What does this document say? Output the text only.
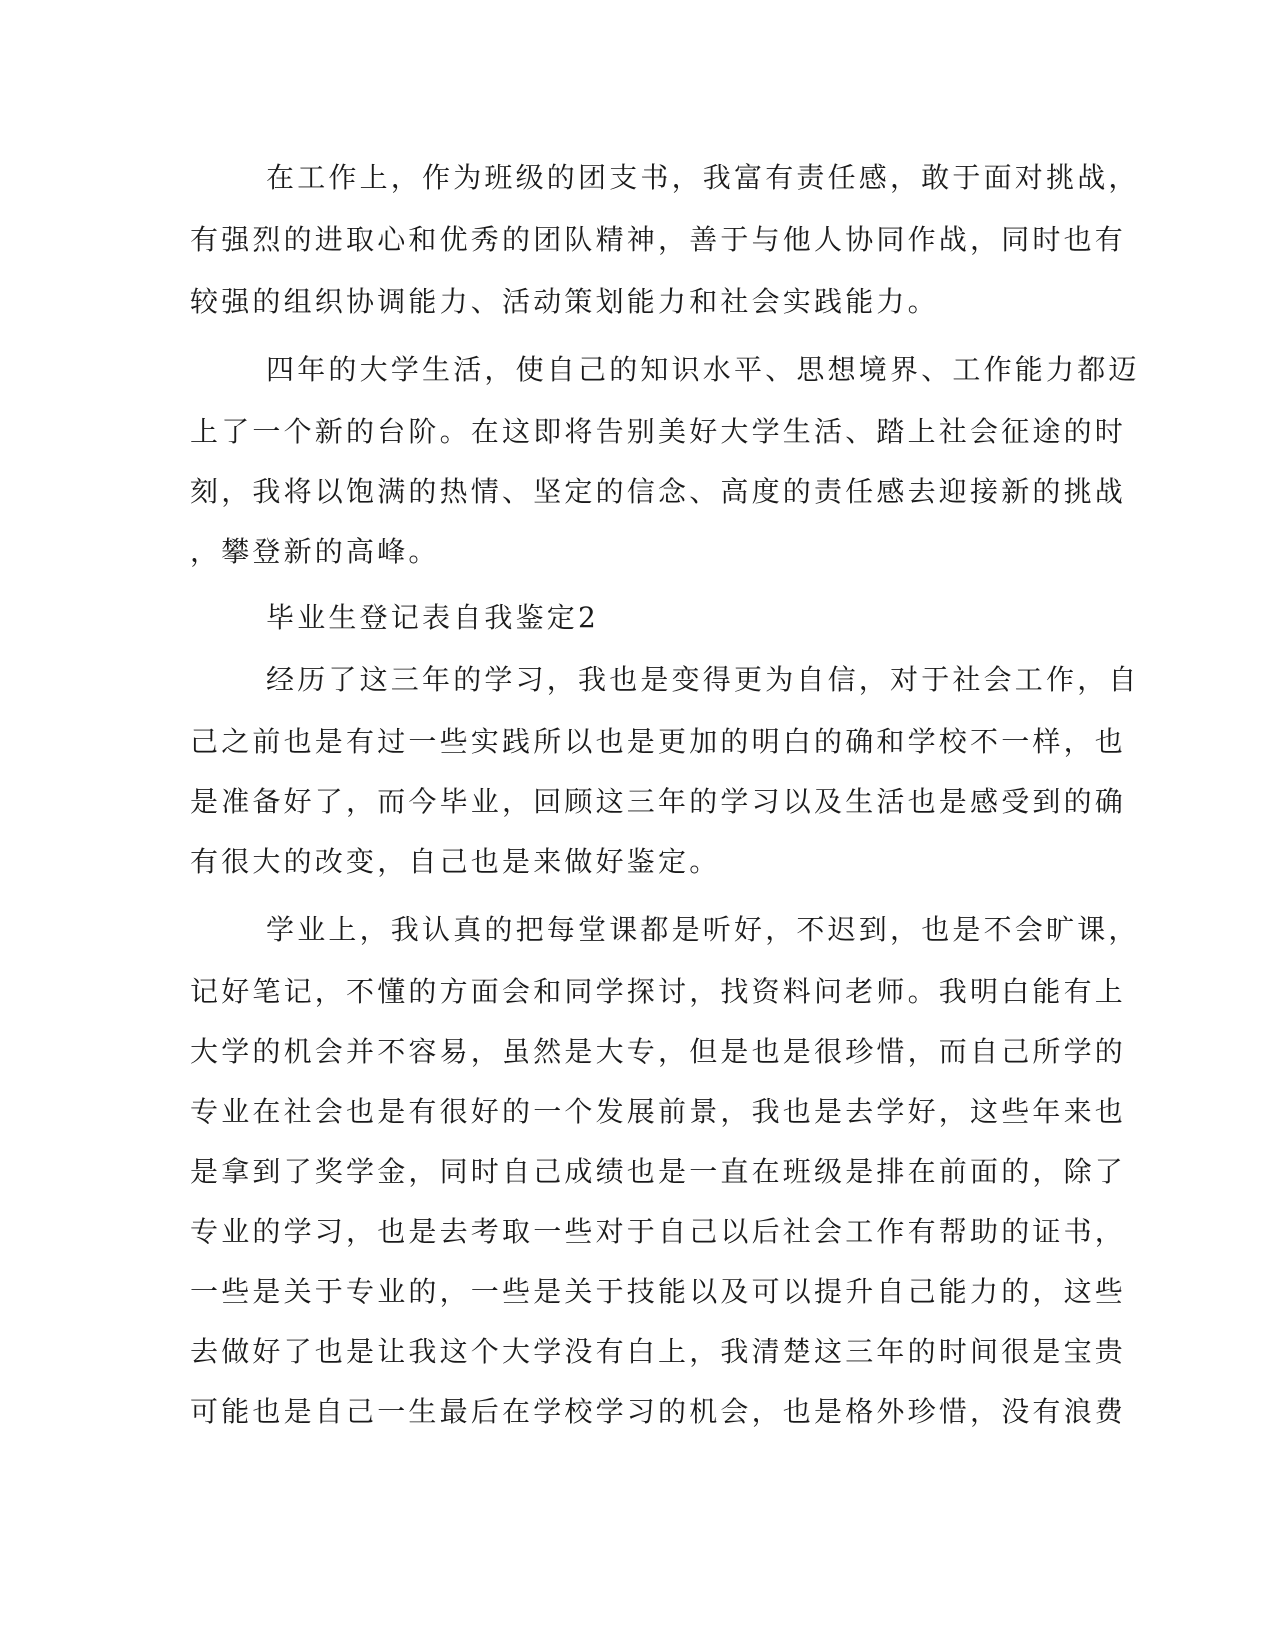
在工作上，作为班级的团支书，我富有责任感，敢于面对挑战，
有强烈的进取心和优秀的团队精神，善于与他人协同作战，同时也有
较强的组织协调能力、活动策划能力和社会实践能力。
四年的大学生活，使自己的知识水平、思想境界、工作能力都迈
上了一个新的台阶。在这即将告别美好大学生活、踏上社会征途的时
刻，我将以饱满的热情、坚定的信念、高度的责任感去迎接新的挑战
，攀登新的高峰。
毕业生登记表自我鉴定2
经历了这三年的学习，我也是变得更为自信，对于社会工作，自
己之前也是有过一些实践所以也是更加的明白的确和学校不一样，也
是准备好了，而今毕业，回顾这三年的学习以及生活也是感受到的确
有很大的改变，自己也是来做好鉴定。
学业上，我认真的把每堂课都是听好，不迟到，也是不会旷课，
记好笔记，不懂的方面会和同学探讨，找资料问老师。我明白能有上
大学的机会并不容易，虽然是大专，但是也是很珍惜，而自己所学的
专业在社会也是有很好的一个发展前景，我也是去学好，这些年来也
是拿到了奖学金，同时自己成绩也是一直在班级是排在前面的，除了
专业的学习，也是去考取一些对于自己以后社会工作有帮助的证书，
一些是关于专业的，一些是关于技能以及可以提升自己能力的，这些
去做好了也是让我这个大学没有白上，我清楚这三年的时间很是宝贵
可能也是自己一生最后在学校学习的机会，也是格外珍惜，没有浪费
